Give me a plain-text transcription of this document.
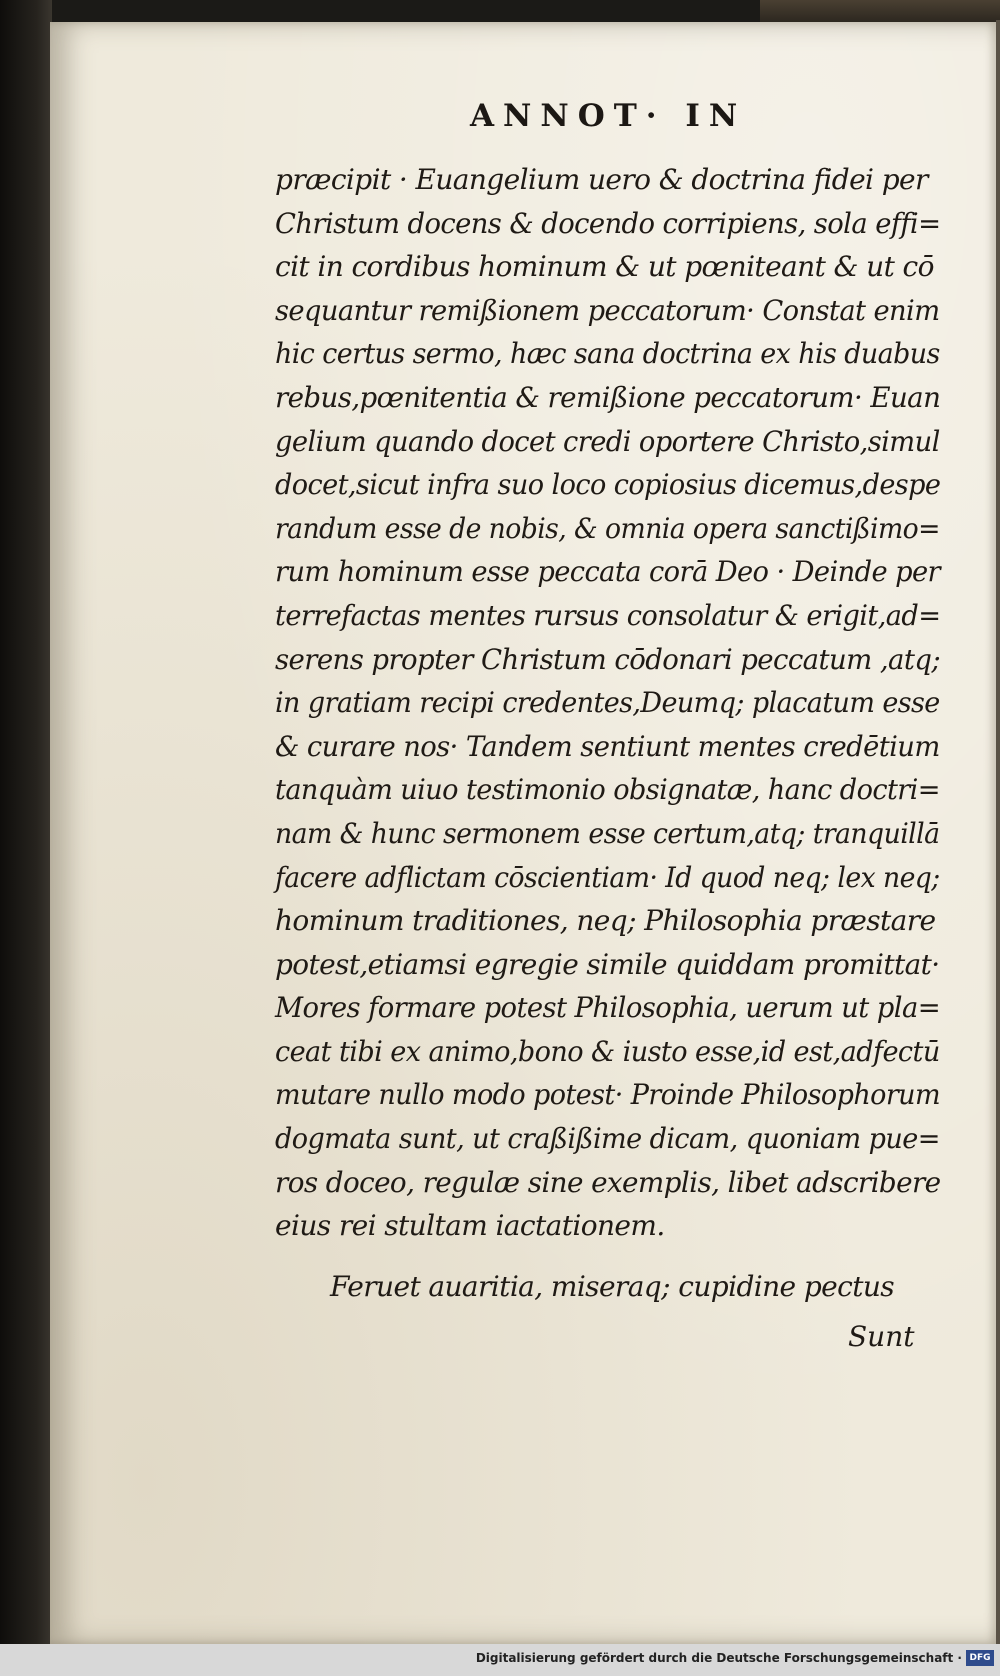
ANNOT· IN
præcipit · Euangelium uero & doctrina fidei per
Christum docens & docendo corripiens, sola effi=
cit in cordibus hominum & ut pœniteant & ut cō
sequantur remißionem peccatorum· Constat enim hic certus sermo, hæc sana doctrina ex his duabus rebus,pœnitentia & remißione peccatorum· Euan gelium quando docet credi oportere Christo,simul docet,sicut infra suo loco copiosius dicemus,despe randum esse de nobis, & omnia opera sanctißimo= rum hominum esse peccata corā Deo · Deinde per terrefactas mentes rursus consolatur & erigit,ad= serens propter Christum cōdonari peccatum ,atq; in gratiam recipi credentes,Deumq; placatum esse & curare nos· Tandem sentiunt mentes credētium tanquàm uiuo testimonio obsignatæ, hanc doctri= nam & hunc sermonem esse certum,atq; tranquillā facere adflictam cōscientiam· Id quod neq; lex neq;
hominum traditiones, neq; Philosophia præstare
potest,etiamsi egregie simile quiddam promittat· Mores formare potest Philosophia, uerum ut pla= ceat tibi ex animo,bono & iusto esse,id est,adfectū mutare nullo modo potest· Proinde Philosophorum dogmata sunt, ut craßißime dicam, quoniam pue= ros doceo, regulæ sine exemplis, libet adscribere
eius rei stultam iactationem.
Feruet auaritia, miseraq; cupidine pectus
Sunt
Digitalisierung gefördert durch die Deutsche Forschungsgemeinschaft · DFG
